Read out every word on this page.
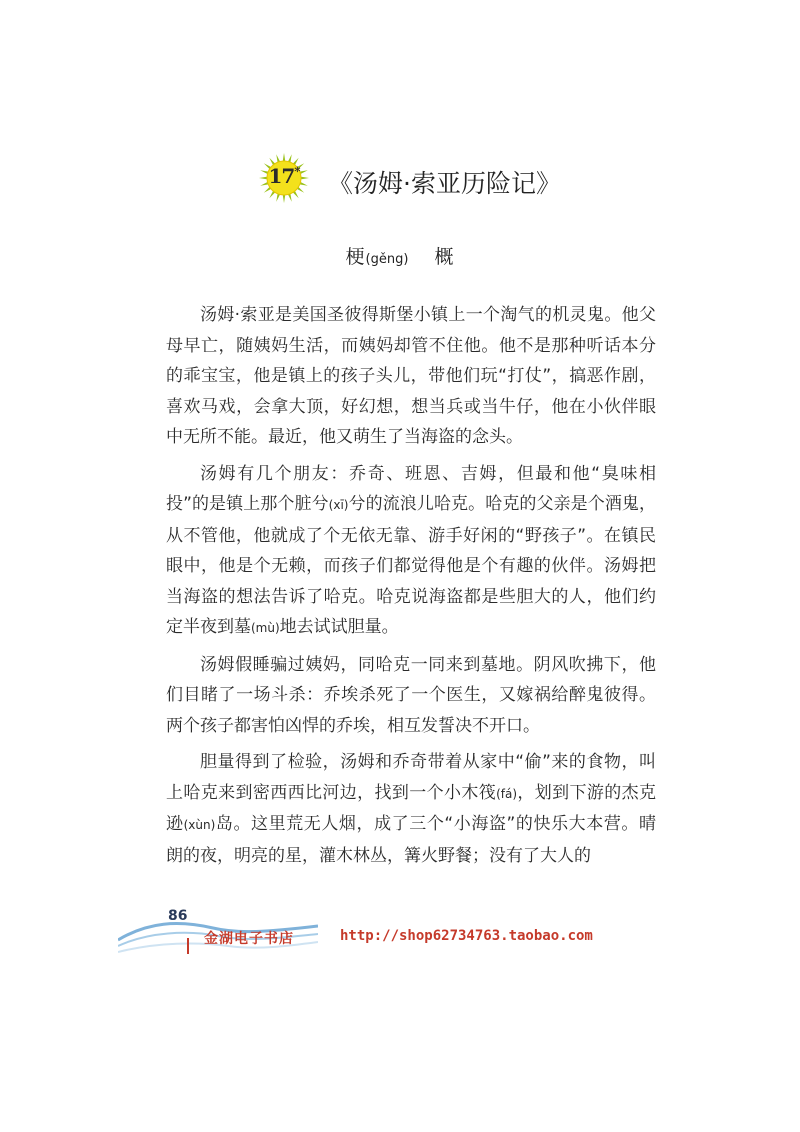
17*	《汤姆·索亚历险记》
梗(gěng) 概

汤姆·索亚是美国圣彼得斯堡小镇上一个淘气的机灵鬼。他父母早亡，随姨妈生活，而姨妈却管不住他。他不是那种听话本分的乖宝宝，他是镇上的孩子头儿，带他们玩“打仗”，搞恶作剧，喜欢马戏，会拿大顶，好幻想，想当兵或当牛仔，他在小伙伴眼中无所不能。最近，他又萌生了当海盗的念头。

汤姆有几个朋友：乔奇、班恩、吉姆，但最和他“臭味相投”的是镇上那个脏兮(xī)兮的流浪儿哈克。哈克的父亲是个酒鬼，从不管他，他就成了个无依无靠、游手好闲的“野孩子”。在镇民眼中，他是个无赖，而孩子们都觉得他是个有趣的伙伴。汤姆把当海盗的想法告诉了哈克。哈克说海盗都是些胆大的人，他们约定半夜到墓(mù)地去试试胆量。

汤姆假睡骗过姨妈，同哈克一同来到墓地。阴风吹拂下，他们目睹了一场斗杀：乔埃杀死了一个医生，又嫁祸给醉鬼彼得。两个孩子都害怕凶悍的乔埃，相互发誓决不开口。

胆量得到了检验，汤姆和乔奇带着从家中“偷”来的食物，叫上哈克来到密西西比河边，找到一个小木筏(fá)，划到下游的杰克逊(xùn)岛。这里荒无人烟，成了三个“小海盗”的快乐大本营。晴朗的夜，明亮的星，灌木林丛，篝火野餐；没有了大人的

86
金湖电子书店	http://shop62734763.taobao.com
